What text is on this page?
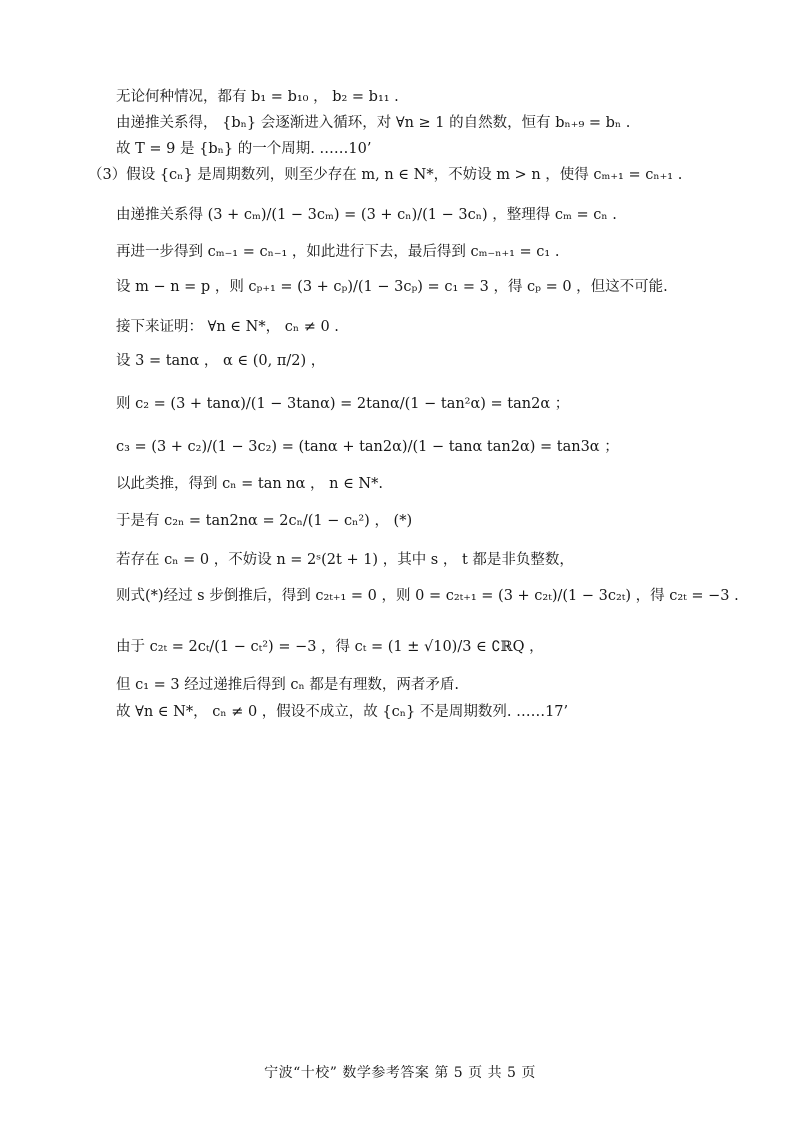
无论何种情况，都有 b₁ = b₁₀ ， b₂ = b₁₁ .
由递推关系得， {bₙ} 会逐渐进入循环，对 ∀n ≥ 1 的自然数，恒有 bₙ₊₉ = bₙ .
故 T = 9 是 {bₙ} 的一个周期. ……10’
（3）假设 {cₙ} 是周期数列，则至少存在 m, n ∈ N*，不妨设 m > n ，使得 cₘ₊₁ = cₙ₊₁ .
由递推关系得 (3 + cₘ)/(1 − 3cₘ) = (3 + cₙ)/(1 − 3cₙ) ，整理得 cₘ = cₙ .
再进一步得到 cₘ₋₁ = cₙ₋₁ ，如此进行下去，最后得到 cₘ₋ₙ₊₁ = c₁ .
设 m − n = p ，则 cₚ₊₁ = (3 + cₚ)/(1 − 3cₚ) = c₁ = 3 ，得 cₚ = 0 ，但这不可能.
接下来证明： ∀n ∈ N*， cₙ ≠ 0 .
设 3 = tanα ， α ∈ (0, π/2) ，
则 c₂ = (3 + tanα)/(1 − 3tanα) = 2tanα/(1 − tan²α) = tan2α ；
c₃ = (3 + c₂)/(1 − 3c₂) = (tanα + tan2α)/(1 − tanα tan2α) = tan3α ；
以此类推，得到 cₙ = tan nα ， n ∈ N*.
于是有 c₂ₙ = tan2nα = 2cₙ/(1 − cₙ²) ， (*)
若存在 cₙ = 0 ，不妨设 n = 2ˢ(2t + 1) ，其中 s ， t 都是非负整数，
则式(*)经过 s 步倒推后，得到 c₂ₜ₊₁ = 0 ，则 0 = c₂ₜ₊₁ = (3 + c₂ₜ)/(1 − 3c₂ₜ) ，得 c₂ₜ = −3 .
由于 c₂ₜ = 2cₜ/(1 − cₜ²) = −3 ，得 cₜ = (1 ± √10)/3 ∈ ∁ℝQ ，
但 c₁ = 3 经过递推后得到 cₙ 都是有理数，两者矛盾.
故 ∀n ∈ N*， cₙ ≠ 0 ，假设不成立，故 {cₙ} 不是周期数列. ……17’
宁波“十校” 数学参考答案 第 5 页 共 5 页
